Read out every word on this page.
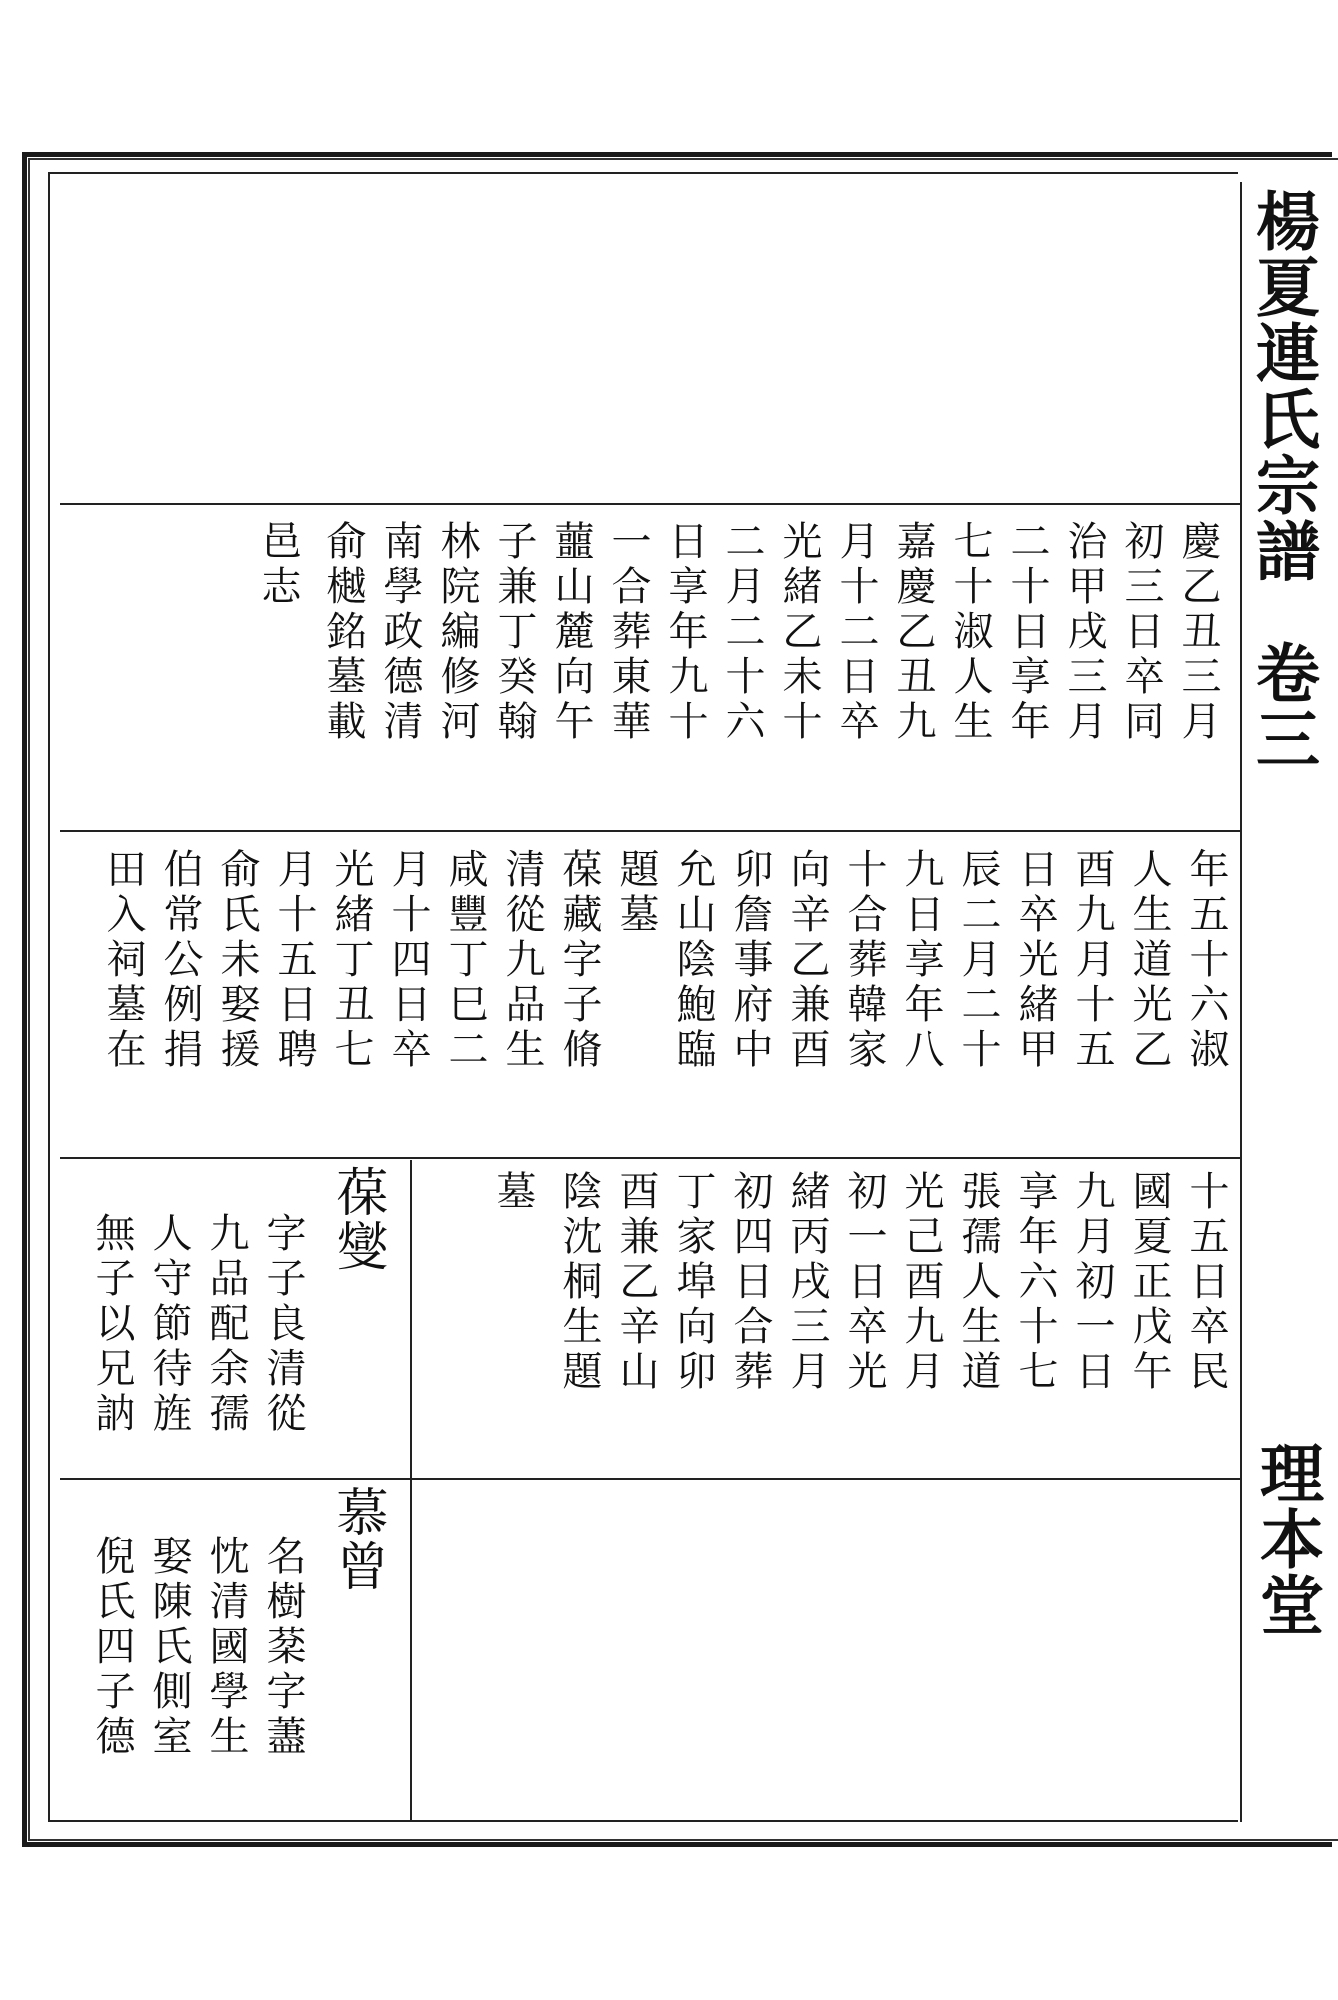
楊夏連氏宗譜
卷三
理本堂
慶乙丑三月
初三日卒同
治甲戌三月
二十日享年
七十淑人生
嘉慶乙丑九
月十二日卒
光緒乙未十
二月二十六
日享年九十
一合葬東華
蘁山麓向午
子兼丁癸翰
林院編修河
南學政德清
俞樾銘墓載
邑志
年五十六淑
人生道光乙
酉九月十五
日卒光緒甲
辰二月二十
九日享年八
十合葬韓家
向辛乙兼酉
卯詹事府中
允山陰鮑臨
題墓
葆藏字子脩
清從九品生
咸豐丁巳二
月十四日卒
光緒丁丑七
月十五日聘
俞氏未娶援
伯常公例捐
田入祠墓在
十五日卒民
國夏正戊午
九月初一日
享年六十七
張孺人生道
光己酉九月
初一日卒光
緒丙戌三月
初四日合葬
丁家埠向卯
酉兼乙辛山
陰沈桐生題
墓
葆燮
字子良清從
九品配余孺
人守節待旌
無子以兄訥
慕曾
名樹棻字藎
忱清國學生
娶陳氏側室
倪氏四子德
